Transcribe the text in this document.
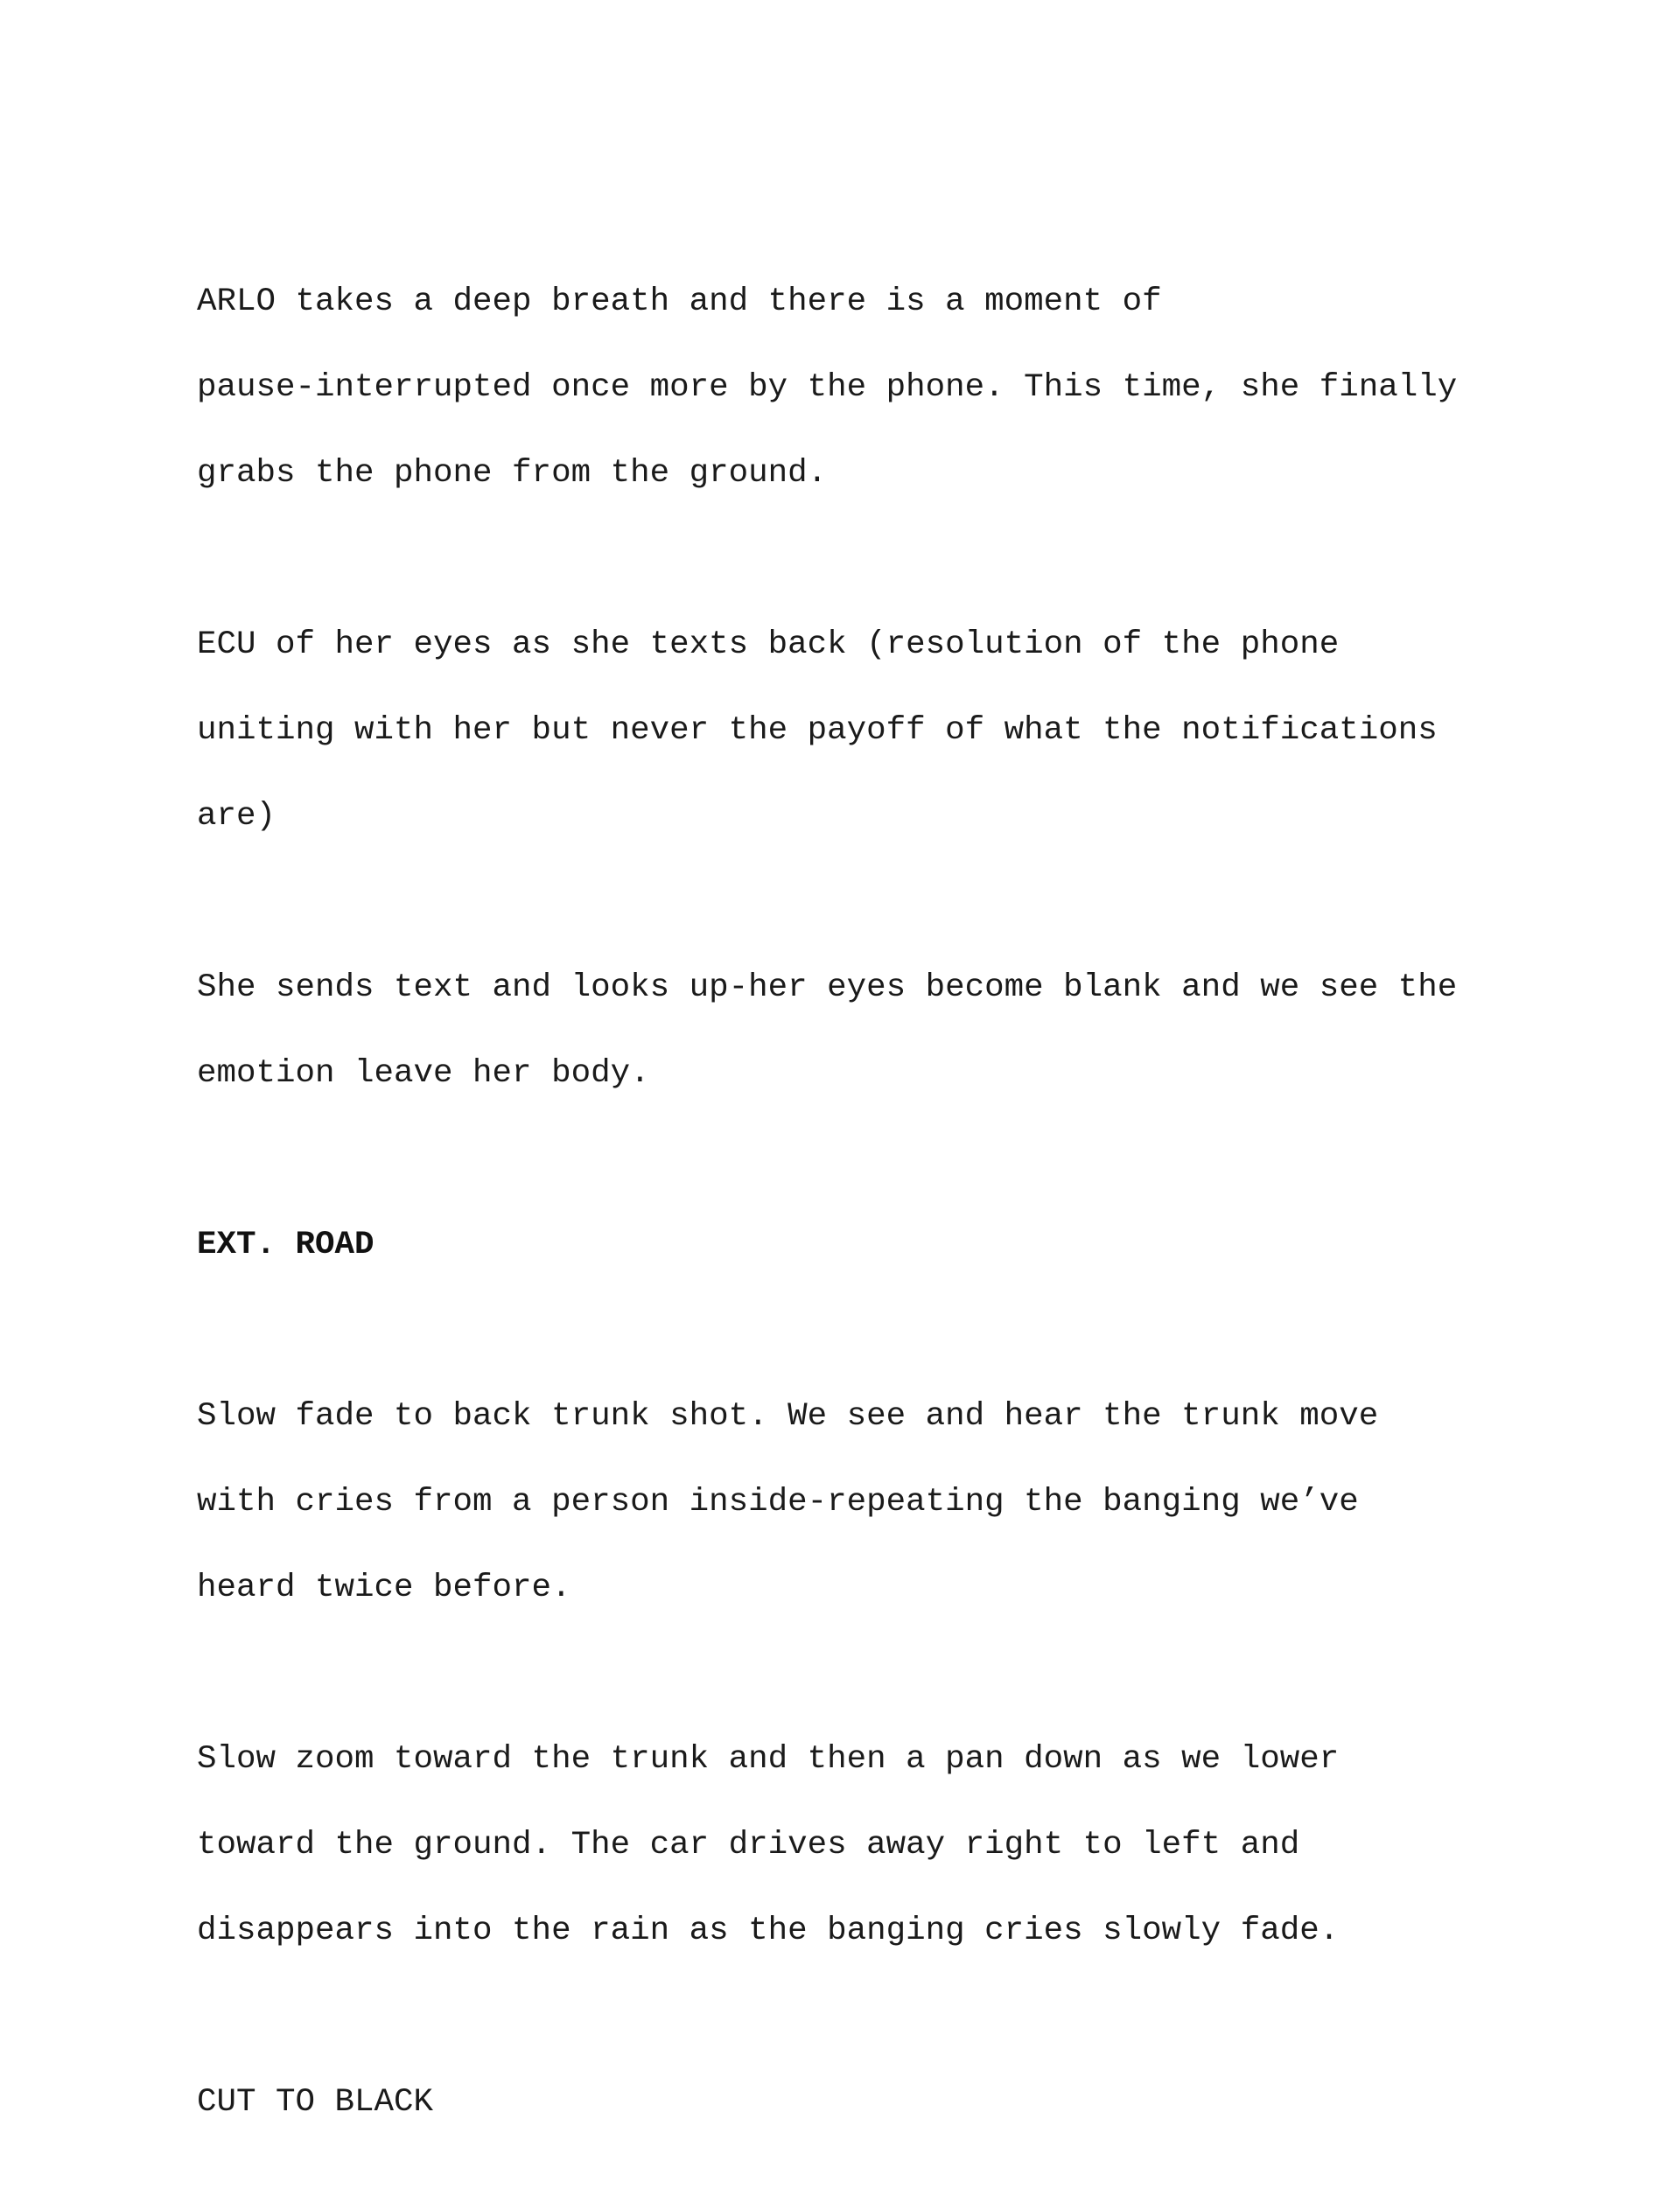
ARLO takes a deep breath and there is a moment of

pause-interrupted once more by the phone. This time, she finally

grabs the phone from the ground.

ECU of her eyes as she texts back (resolution of the phone

uniting with her but never the payoff of what the notifications

are)

She sends text and looks up-her eyes become blank and we see the

emotion leave her body.

EXT. ROAD

Slow fade to back trunk shot. We see and hear the trunk move

with cries from a person inside-repeating the banging we’ve

heard twice before.

Slow zoom toward the trunk and then a pan down as we lower

toward the ground. The car drives away right to left and

disappears into the rain as the banging cries slowly fade.

CUT TO BLACK
